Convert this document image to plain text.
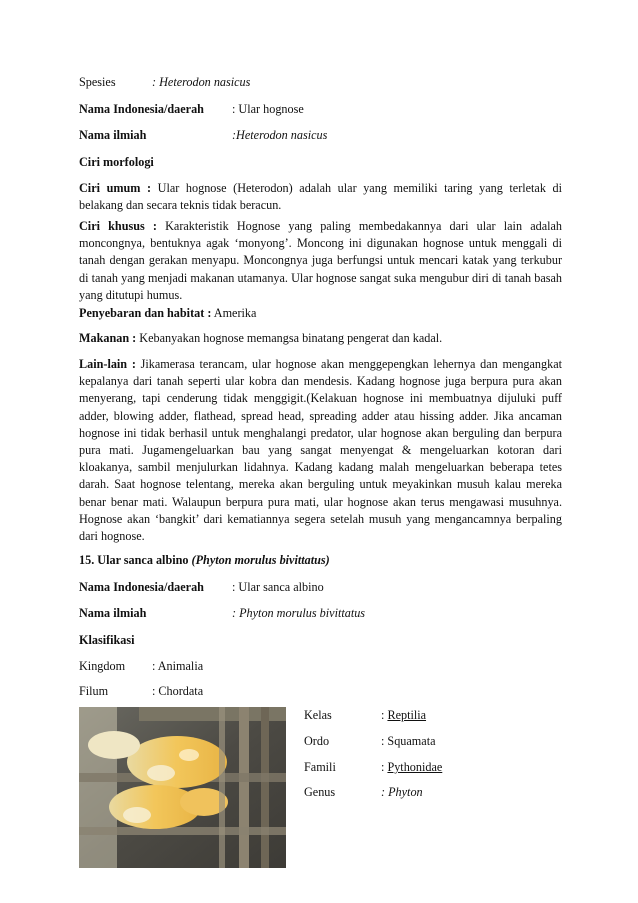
Spesies	: Heterodon nasicus
Nama Indonesia/daerah : Ular hognose
Nama ilmiah	:Heterodon nasicus
Ciri morfologi
Ciri umum : Ular hognose (Heterodon) adalah ular yang memiliki taring yang terletak di belakang dan secara teknis tidak beracun.
Ciri khusus : Karakteristik Hognose yang paling membedakannya dari ular lain adalah moncongnya, bentuknya agak ‘monyong’. Moncong ini digunakan hognose untuk menggali di tanah dengan gerakan menyapu. Moncongnya juga berfungsi untuk mencari katak yang terkubur di tanah yang menjadi makanan utamanya. Ular hognose sangat suka mengubur diri di tanah basah yang ditutupi humus.
Penyebaran dan habitat : Amerika
Makanan : Kebanyakan hognose memangsa binatang pengerat dan kadal.
Lain-lain : Jikamerasa terancam, ular hognose akan menggepengkan lehernya dan mengangkat kepalanya dari tanah seperti ular kobra dan mendesis. Kadang hognose juga berpura pura akan menyerang, tapi cenderung tidak menggigit.(Kelakuan hognose ini membuatnya dijuluki puff adder, blowing adder, flathead, spread head, spreading adder atau hissing adder. Jika ancaman hognose ini tidak berhasil untuk menghalangi predator, ular hognose akan berguling dan berpura pura mati. Jugamengeluarkan bau yang sangat menyengat & mengeluarkan kotoran dari kloakanya, sambil menjulurkan lidahnya. Kadang kadang malah mengeluarkan beberapa tetes darah. Saat hognose telentang, mereka akan berguling untuk meyakinkan musuh kalau mereka benar benar mati. Walaupun berpura pura mati, ular hognose akan terus mengawasi musuhnya. Hognose akan ‘bangkit’ dari kematiannya segera setelah musuh yang mengancamnya berpaling dari hognose.
15. Ular sanca albino (Phyton morulus bivittatus)
Nama Indonesia/daerah : Ular sanca albino
Nama ilmiah	: Phyton morulus bivittatus
Klasifikasi
Kingdom : Animalia
Filum	: Chordata
Kelas	: Reptilia
Ordo	: Squamata
Famili	: Pythonidae
Genus	: Phyton
